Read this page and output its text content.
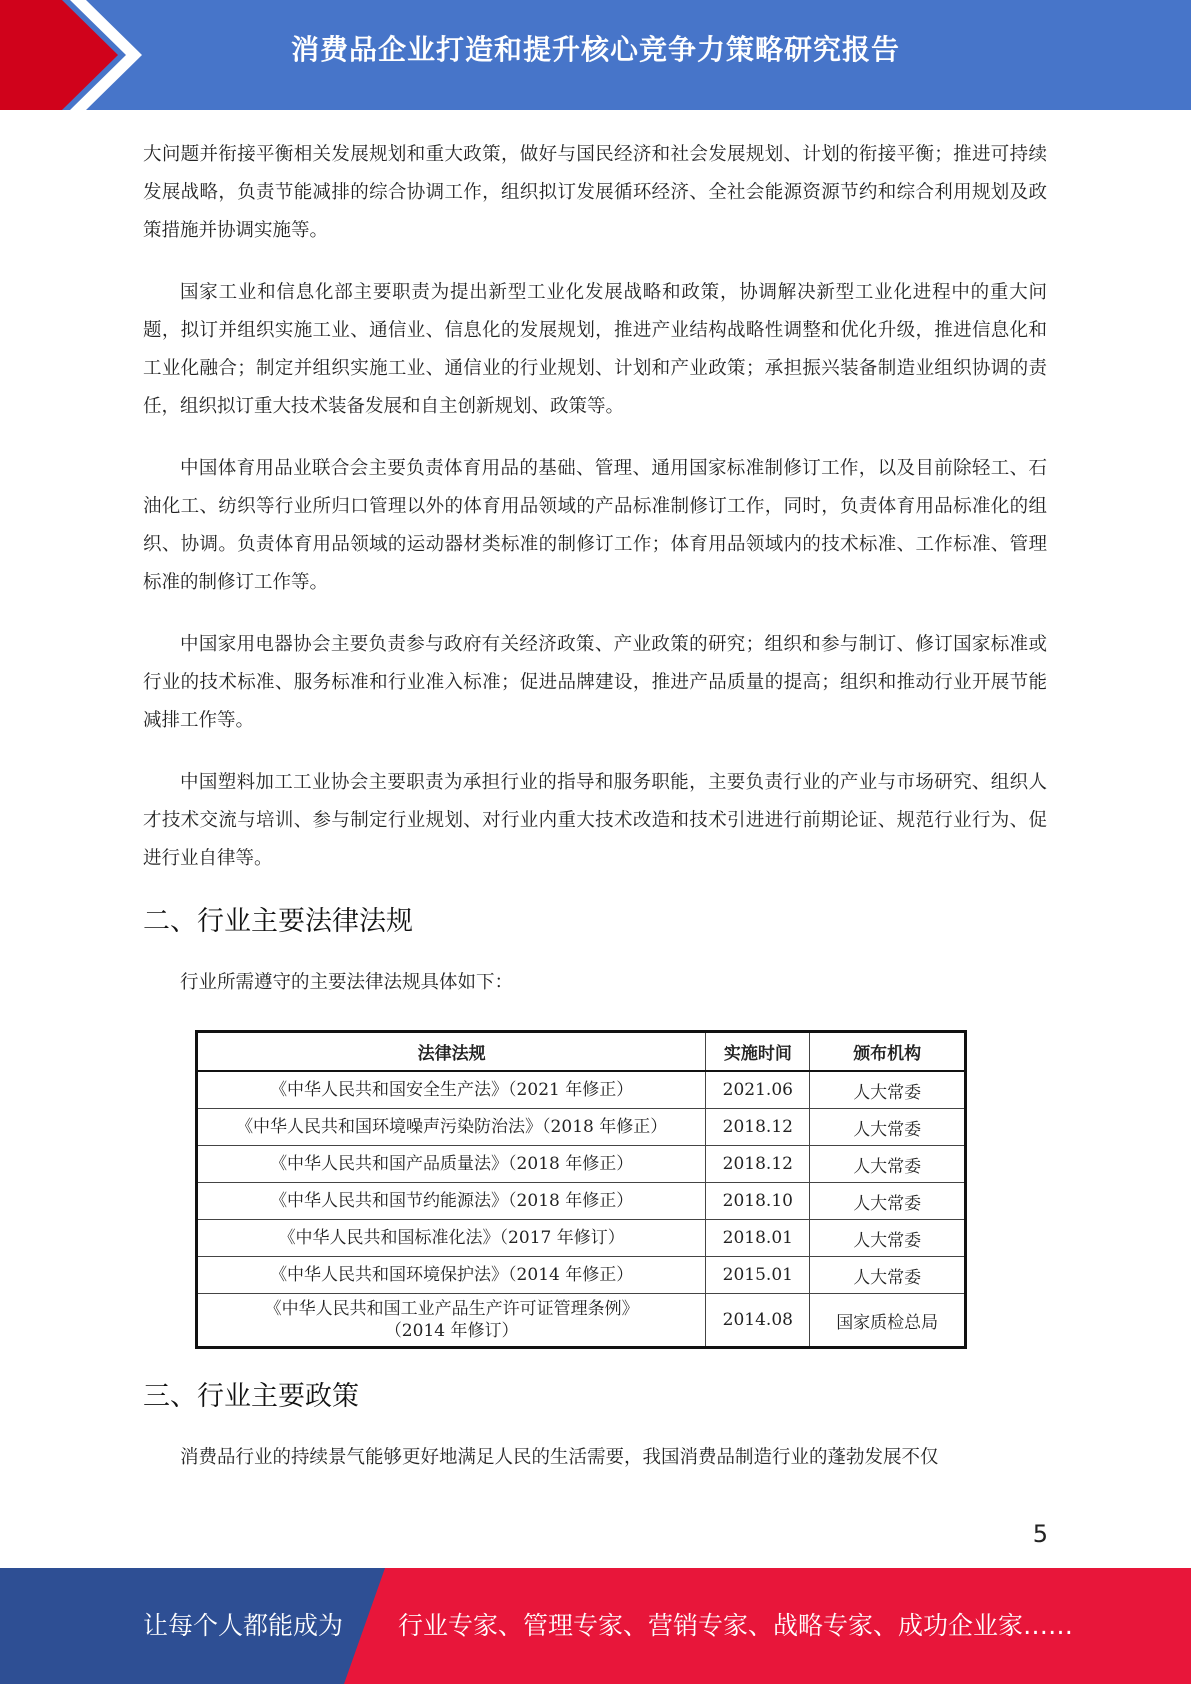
消费品企业打造和提升核心竞争力策略研究报告

大问题并衔接平衡相关发展规划和重大政策，做好与国民经济和社会发展规划、计划的衔接平衡；推进可持续发展战略，负责节能减排的综合协调工作，组织拟订发展循环经济、全社会能源资源节约和综合利用规划及政策措施并协调实施等。

国家工业和信息化部主要职责为提出新型工业化发展战略和政策，协调解决新型工业化进程中的重大问题，拟订并组织实施工业、通信业、信息化的发展规划，推进产业结构战略性调整和优化升级，推进信息化和工业化融合；制定并组织实施工业、通信业的行业规划、计划和产业政策；承担振兴装备制造业组织协调的责任，组织拟订重大技术装备发展和自主创新规划、政策等。

中国体育用品业联合会主要负责体育用品的基础、管理、通用国家标准制修订工作，以及目前除轻工、石油化工、纺织等行业所归口管理以外的体育用品领域的产品标准制修订工作，同时，负责体育用品标准化的组织、协调。负责体育用品领域的运动器材类标准的制修订工作；体育用品领域内的技术标准、工作标准、管理标准的制修订工作等。

中国家用电器协会主要负责参与政府有关经济政策、产业政策的研究；组织和参与制订、修订国家标准或行业的技术标准、服务标准和行业准入标准；促进品牌建设，推进产品质量的提高；组织和推动行业开展节能减排工作等。

中国塑料加工工业协会主要职责为承担行业的指导和服务职能，主要负责行业的产业与市场研究、组织人才技术交流与培训、参与制定行业规划、对行业内重大技术改造和技术引进进行前期论证、规范行业行为、促进行业自律等。

二、行业主要法律法规

行业所需遵守的主要法律法规具体如下：

法律法规	实施时间	颁布机构
《中华人民共和国安全生产法》（2021 年修正）	2021.06	人大常委
《中华人民共和国环境噪声污染防治法》（2018 年修正）	2018.12	人大常委
《中华人民共和国产品质量法》（2018 年修正）	2018.12	人大常委
《中华人民共和国节约能源法》（2018 年修正）	2018.10	人大常委
《中华人民共和国标准化法》（2017 年修订）	2018.01	人大常委
《中华人民共和国环境保护法》（2014 年修正）	2015.01	人大常委

《中华人民共和国工业产品生产许可证管理条例》
（2014 年修订）	2014.08	国家质检总局
三、行业主要政策

消费品行业的持续景气能够更好地满足人民的生活需要，我国消费品制造行业的蓬勃发展不仅

5
让每个人都能成为 行业专家、管理专家、营销专家、战略专家、成功企业家……
